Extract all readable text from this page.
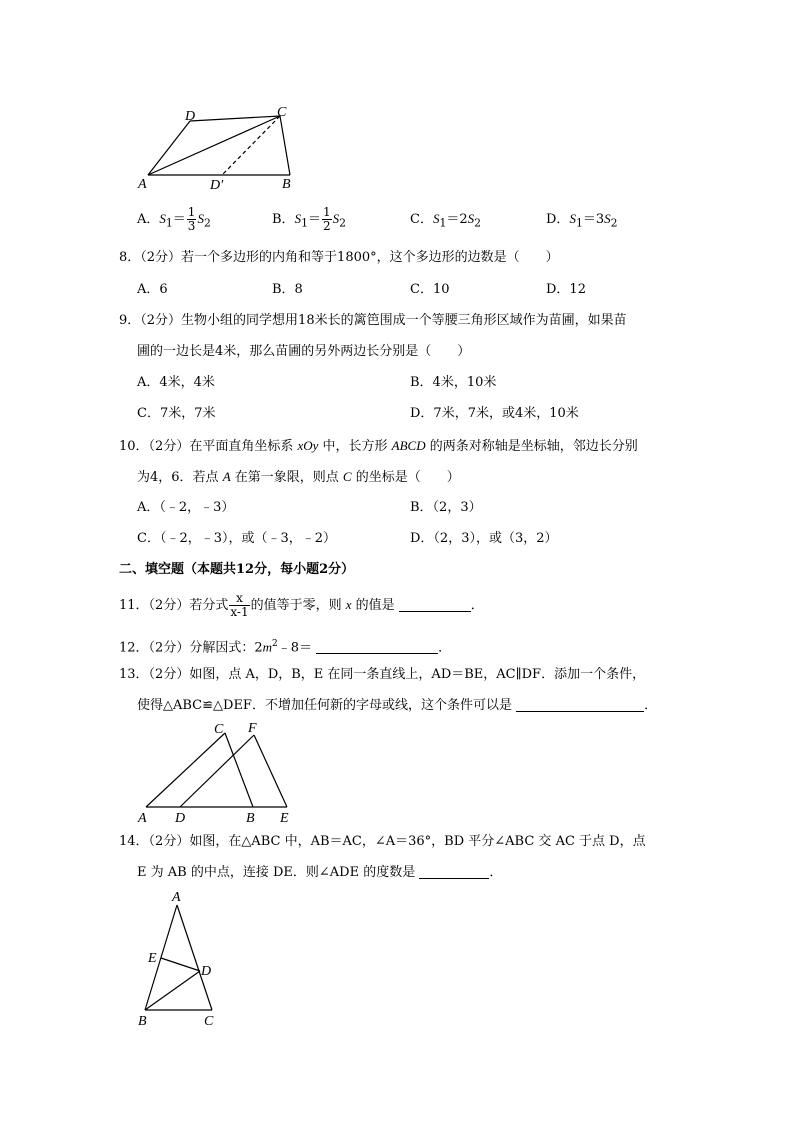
D	C
A	D′	B
A．$S_1= \frac{1}{3} S_2$	B．$S_1= \frac{1}{2} S_2$	C．$S_1=2S_2$	D．$S_1=3S_2$
8．（2分）若一个多边形的内角和等于1800°，这个多边形的边数是（　　）
A．6	B．8	C．10	D．12
9．（2分）生物小组的同学想用18米长的篱笆围成一个等腰三角形区域作为苗圃，如果苗
圃的一边长是4米，那么苗圃的另外两边长分别是（　　）
A．4米，4米	B．4米，10米
C．7米，7米	D．7米，7米，或4米，10米
10．（2分）在平面直角坐标系 xOy 中，长方形 ABCD 的两条对称轴是坐标轴，邻边长分别
为4，6．若点 A 在第一象限，则点 C 的坐标是（　　）
A．（﹣2，﹣3）	B．（2，3）
C．（﹣2，﹣3），或（﹣3，﹣2）	D．（2，3），或（3，2）
二、填空题（本题共12分，每小题2分）
11．（2分）若分式 $\frac{x}{x-1}$ 的值等于零，则 x 的值是	．
12．（2分）分解因式：$2m^2﹣8=$	．
13．（2分）如图，点 A，D，B，E 在同一条直线上，AD＝BE，AC∥DF．添加一个条件，
使得△ABC≌△DEF．不增加任何新的字母或线，这个条件可以是	．
C F
A D	B E
14．（2分）如图，在△ABC 中，AB＝AC，∠A＝36°，BD 平分∠ABC 交 AC 于点 D，点
E 为 AB 的中点，连接 DE．则∠ADE 的度数是	．
A
E
D
B	C
